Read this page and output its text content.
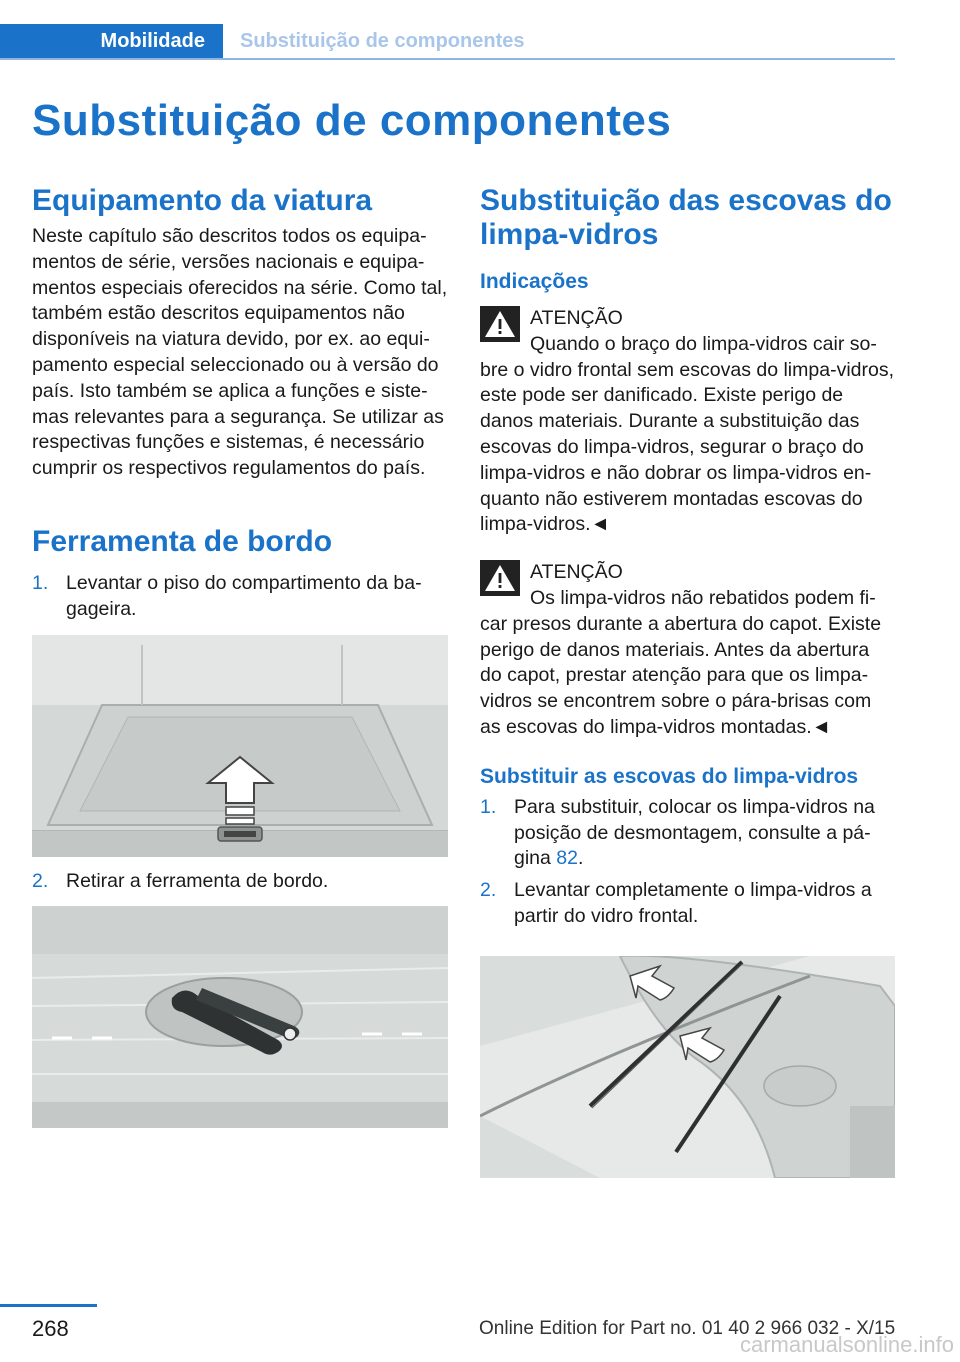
Mobilidade	Substituição de componentes
Substituição de componentes
Equipamento da viatura

Neste capítulo são descritos todos os equipamentos de série, versões nacionais e equipamentos especiais oferecidos na série. Como tal, também estão descritos equipamentos não disponíveis na viatura devido, por ex. ao equipamento especial seleccionado ou à versão do país. Isto também se aplica a funções e sistemas relevantes para a segurança. Se utilizar as respectivas funções e sistemas, é necessário cumprir os respectivos regulamentos do país.

Ferramenta de bordo
1. Levantar o piso do compartimento da bagageira.
2. Retirar a ferramenta de bordo.
Substituição das escovas do limpa-vidros
Indicações
ATENÇÃO
Quando o braço do limpa-vidros cair sobre o vidro frontal sem escovas do limpa-vidros, este pode ser danificado. Existe perigo de danos materiais. Durante a substituição das escovas do limpa-vidros, segurar o braço do limpa-vidros e não dobrar os limpa-vidros enquanto não estiverem montadas escovas do limpa-vidros.◄
ATENÇÃO
Os limpa-vidros não rebatidos podem ficar presos durante a abertura do capot. Existe perigo de danos materiais. Antes da abertura do capot, prestar atenção para que os limpa-vidros se encontrem sobre o pára-brisas com as escovas do limpa-vidros montadas.◄
Substituir as escovas do limpa-vidros
1. Para substituir, colocar os limpa-vidros na posição de desmontagem, consulte a página 82.
2. Levantar completamente o limpa-vidros a partir do vidro frontal.
268	Online Edition for Part no. 01 40 2 966 032 - X/15
carmanualsonline.info
